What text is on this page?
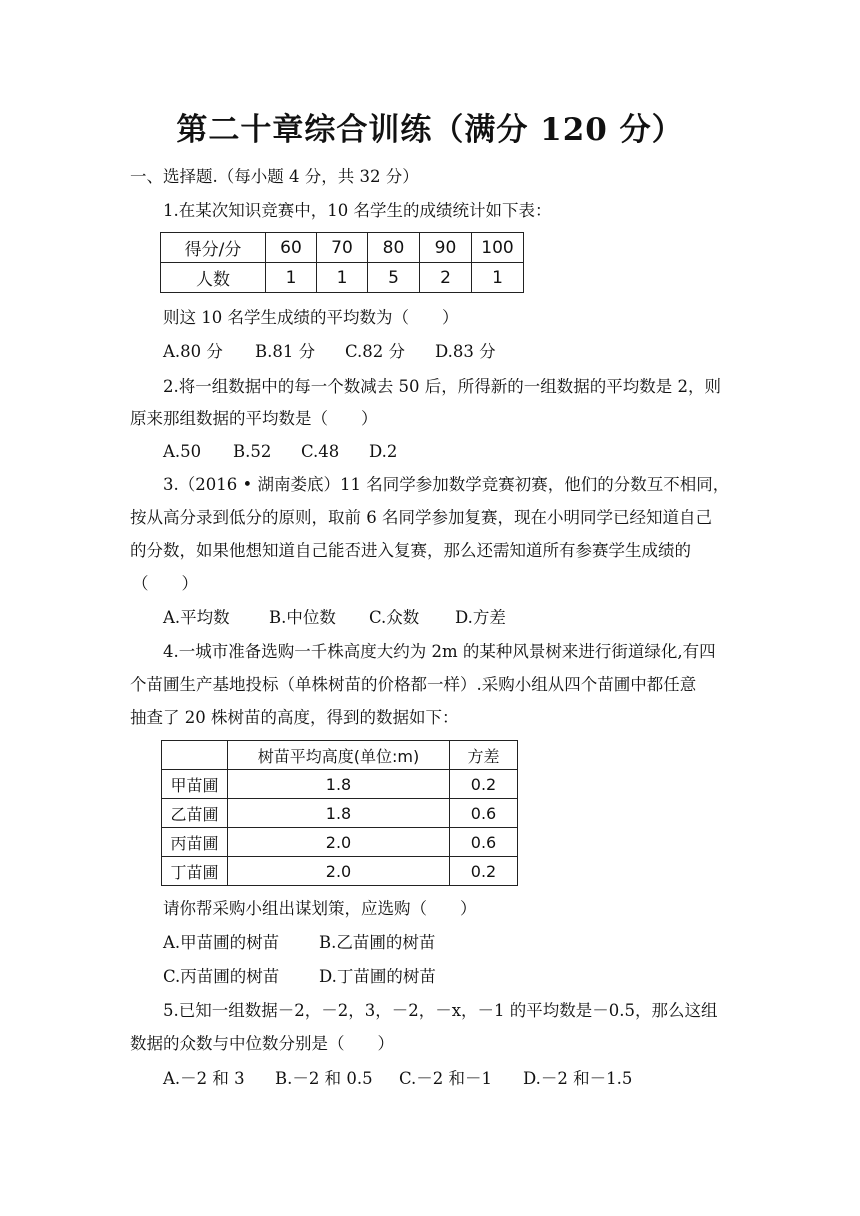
第二十章综合训练（满分 120 分）
一、选择题.（每小题 4 分，共 32 分）
1.在某次知识竞赛中，10 名学生的成绩统计如下表：
得分/分	60	70	80	90	100
人数	1	1	5	2	1
则这 10 名学生成绩的平均数为（　　）
A.80 分 B.81 分 C.82 分 D.83 分
2.将一组数据中的每一个数减去 50 后，所得新的一组数据的平均数是 2，则
原来那组数据的平均数是（　　）
A.50 B.52 C.48 D.2
3.（2016 • 湖南娄底）11 名同学参加数学竞赛初赛，他们的分数互不相同，
按从高分录到低分的原则，取前 6 名同学参加复赛，现在小明同学已经知道自己
的分数，如果他想知道自己能否进入复赛，那么还需知道所有参赛学生成绩的
（　　）
A.平均数 B.中位数 C.众数 D.方差
4.一城市准备选购一千株高度大约为 2m 的某种风景树来进行街道绿化,有四
个苗圃生产基地投标（单株树苗的价格都一样）.采购小组从四个苗圃中都任意
抽查了 20 株树苗的高度，得到的数据如下：
	树苗平均高度(单位:m)	方差
甲苗圃	1.8	0.2
乙苗圃	1.8	0.6
丙苗圃	2.0	0.6
丁苗圃	2.0	0.2
请你帮采购小组出谋划策，应选购（　　）
A.甲苗圃的树苗 B.乙苗圃的树苗
C.丙苗圃的树苗 D.丁苗圃的树苗
5.已知一组数据－2，－2，3，－2，－x，－1 的平均数是－0.5，那么这组
数据的众数与中位数分别是（　　）
A.－2 和 3 B.－2 和 0.5 C.－2 和－1 D.－2 和－1.5
